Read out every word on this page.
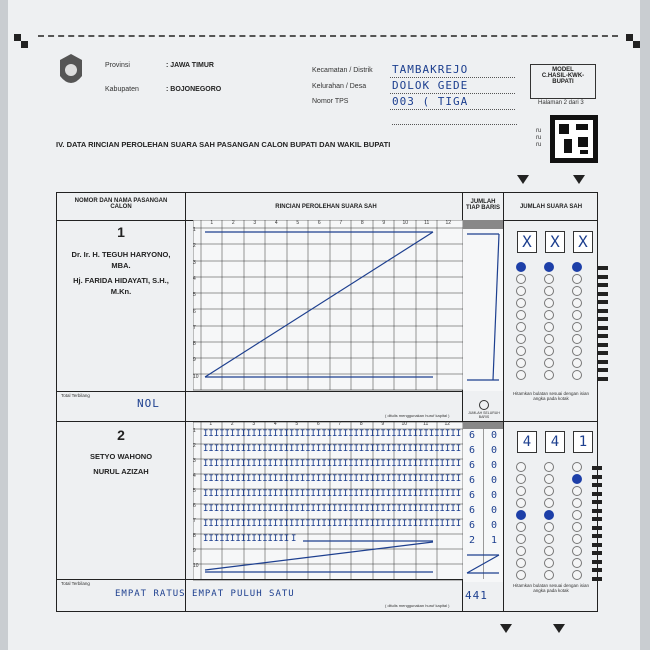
Provinsi	: JAWA TIMUR
Kabupaten	: BOJONEGORO
Kecamatan / Distrik TAMBAKREJO
Kelurahan / Desa DOLOK GEDE
Nomor TPS	003 ( TIGA
MODEL
C.HASIL-KWK-
BUPATI
Halaman 2 dari 3
ru
ru
ru
IV. DATA RINCIAN PEROLEHAN SUARA SAH PASANGAN CALON BUPATI DAN WAKIL BUPATI
NOMOR DAN NAMA PASANGAN CALON	RINCIAN PEROLEHAN SUARA SAH
JUMLAH TIAP BARIS	JUMLAH SUARA SAH
1
Dr. Ir. H. TEGUH HARYONO,
MBA.
Hj. FARIDA HIDAYATI, S.H.,
M.Kn.
1	2	3	4	5	6	7	8	9	10	11	12
X	X	X
Total Terbilang
NOL
( ditulis menggunakan huruf kapital )	JUMLAH SELURUH BARIS
Hitamkan bulatan sesuai dengan isian angka pada kotak
2
SETYO WAHONO
NURUL AZIZAH
IIII IIII IIII IIII IIII IIII IIII IIII IIII IIII IIII IIII
IIII IIII IIII IIII IIII IIII IIII IIII IIII IIII IIII IIII
IIII IIII IIII IIII IIII IIII IIII IIII IIII IIII IIII IIII
IIII IIII IIII IIII IIII IIII IIII IIII IIII IIII IIII IIII
IIII IIII IIII IIII IIII IIII IIII IIII IIII IIII IIII IIII
IIII IIII IIII IIII IIII IIII IIII IIII IIII IIII IIII IIII
IIII IIII IIII IIII IIII IIII IIII IIII IIII IIII IIII IIII
IIII IIII IIII IIII I
6 0
6 0
6 0
6 0
6 0
6 0
6 0
2 1
4	4	1
Total Terbilang
EMPAT RATUS EMPAT PULUH SATU
( ditulis menggunakan huruf kapital )
441
Hitamkan bulatan sesuai dengan isian angka pada kotak
1
2
3
4
5
6
7
8
9
10
1
2
3
4
5
6
7
8
9
10
1	2	3	4	5	6	7	8	9	10	11	12
